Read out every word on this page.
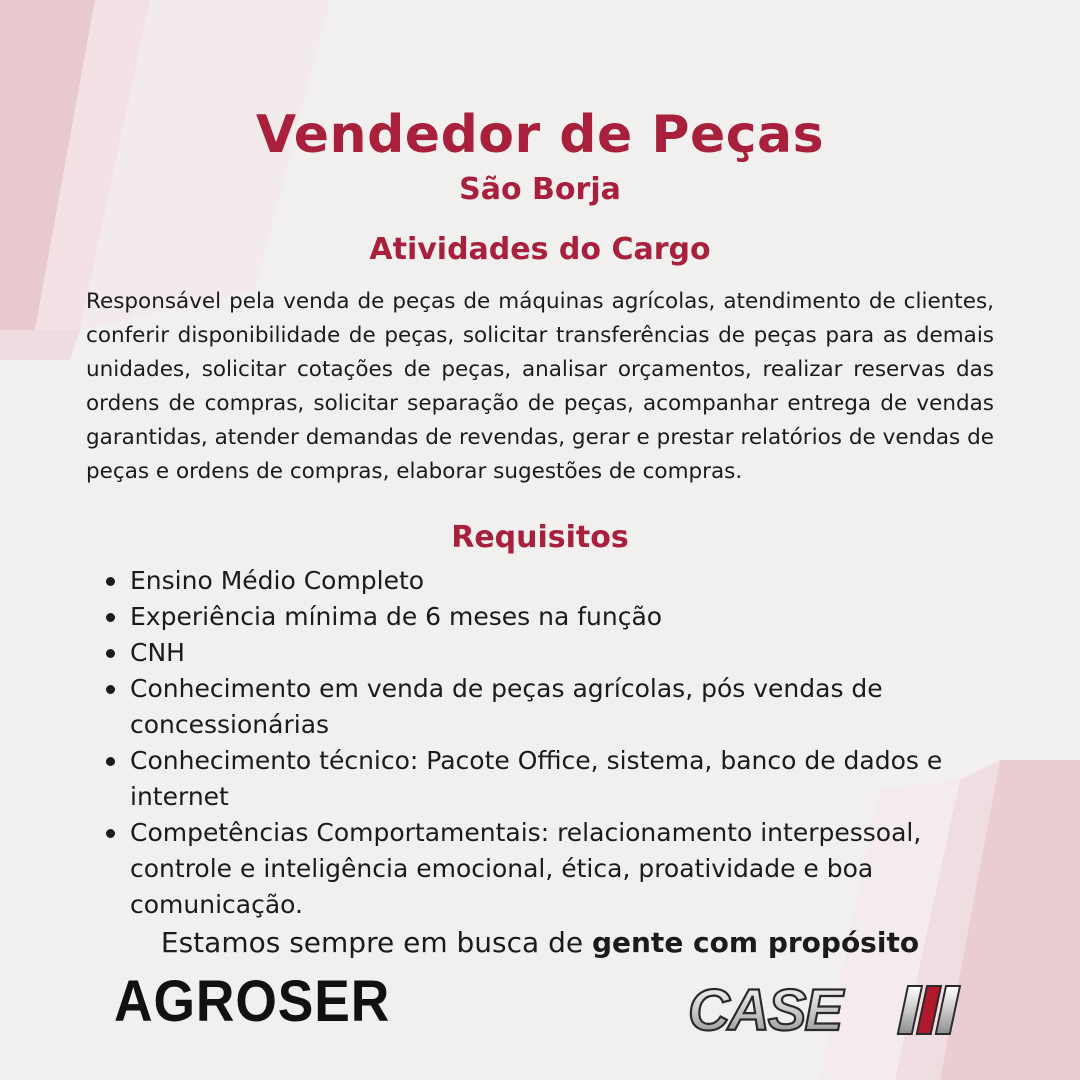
Vendedor de Peças
São Borja
Atividades do Cargo
Responsável pela venda de peças de máquinas agrícolas, atendimento de clientes, conferir disponibilidade de peças, solicitar transferências de peças para as demais unidades, solicitar cotações de peças, analisar orçamentos, realizar reservas das ordens de compras, solicitar separação de peças, acompanhar entrega de vendas garantidas, atender demandas de revendas, gerar e prestar relatórios de vendas de peças e ordens de compras, elaborar sugestões de compras.
Requisitos
Ensino Médio Completo
Experiência mínima de 6 meses na função
CNH
Conhecimento em venda de peças agrícolas, pós vendas de concessionárias
Conhecimento técnico: Pacote Office, sistema, banco de dados e internet
Competências Comportamentais: relacionamento interpessoal, controle e inteligência emocional, ética, proatividade e boa comunicação.
Estamos sempre em busca de gente com propósito
AGROSER	CASE
